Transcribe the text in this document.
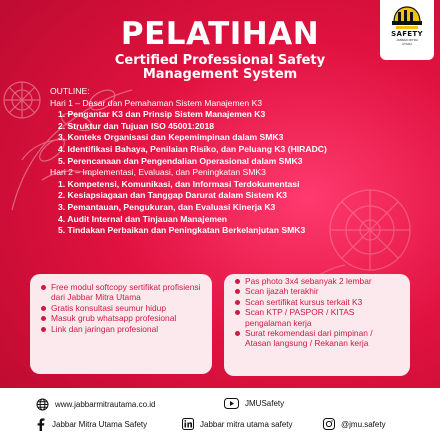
SAFETY
JABBAR MITRA UTAMA
PELATIHAN
Certified Professional Safety
Management System
OUTLINE:
Hari 1 – Dasar dan Pemahaman Sistem Manajemen K3
1. Pengantar K3 dan Prinsip Sistem Manajemen K3
2. Struktur dan Tujuan ISO 45001:2018
3. Konteks Organisasi dan Kepemimpinan dalam SMK3
4. Identifikasi Bahaya, Penilaian Risiko, dan Peluang K3 (HIRADC)
5. Perencanaan dan Pengendalian Operasional dalam SMK3
Hari 2 – Implementasi, Evaluasi, dan Peningkatan SMK3
1. Kompetensi, Komunikasi, dan Informasi Terdokumentasi
2. Kesiapsiagaan dan Tanggap Darurat dalam Sistem K3
3. Pemantauan, Pengukuran, dan Evaluasi Kinerja K3
4. Audit Internal dan Tinjauan Manajemen
5. Tindakan Perbaikan dan Peningkatan Berkelanjutan SMK3
Free modul softcopy sertifikat profisiensi dari Jabbar Mitra Utama
Gratis konsultasi seumur hidup
Masuk grub whatsapp profesional
Link dan jaringan profesional
Pas photo 3x4 sebanyak 2 lembar
Scan ijazah terakhir
Scan sertifikat kursus terkait K3
Scan KTP / PASPOR / KITAS pengalaman kerja
Surat rekomendasi dari pimpinan / Atasan langsung / Rekanan kerja
www.jabbarmitrautama.co.id	JMUSafety
Jabbar Mitra Utama Safety	Jabbar mitra utama safety	@jmu.safety
